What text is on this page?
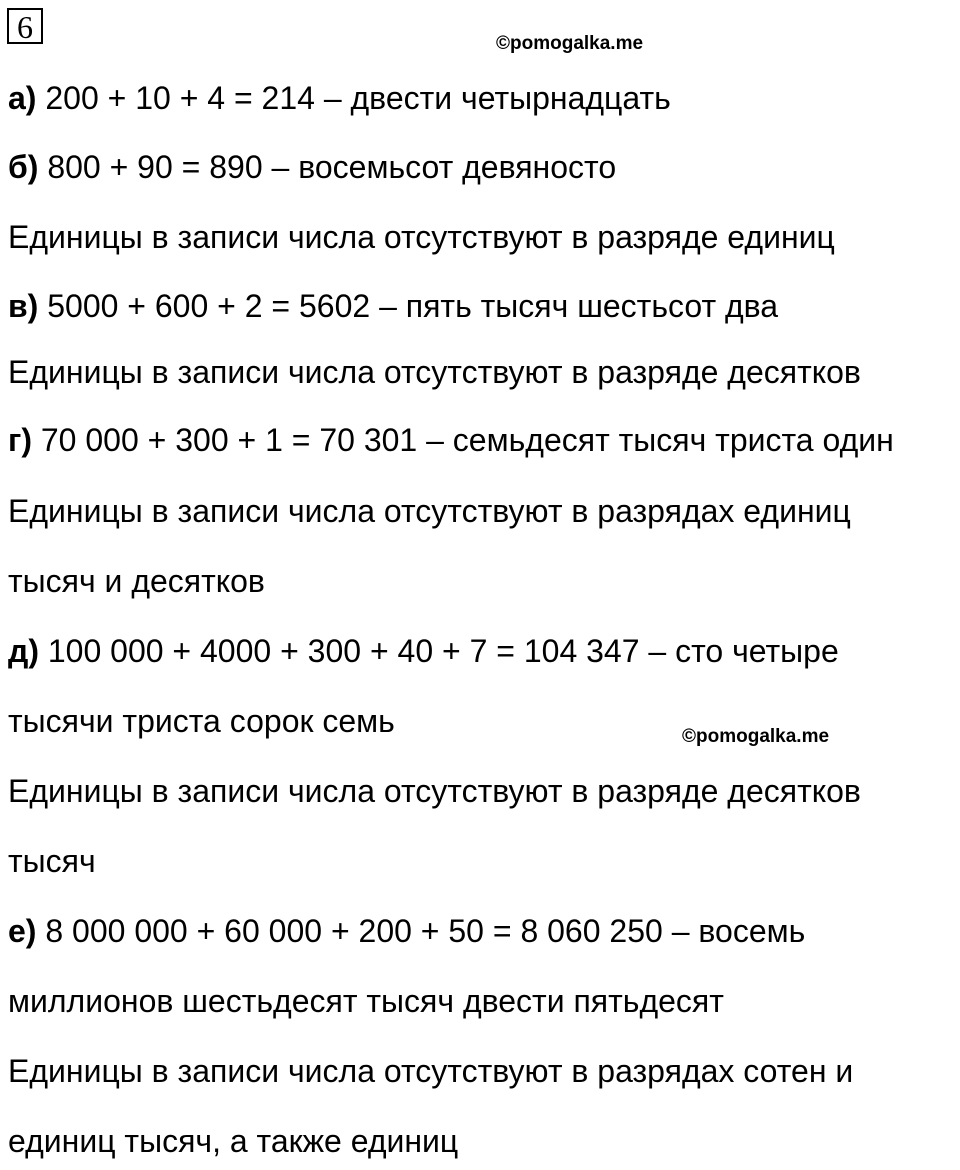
6	©pomogalka.me
©pomogalka.me
а) 200 + 10 + 4 = 214 – двести четырнадцать
б) 800 + 90 = 890 – восемьсот девяносто
Единицы в записи числа отсутствуют в разряде единиц
в) 5000 + 600 + 2 = 5602 – пять тысяч шестьсот два
Единицы в записи числа отсутствуют в разряде десятков
г) 70 000 + 300 + 1 = 70 301 – семьдесят тысяч триста один
Единицы в записи числа отсутствуют в разрядах единиц
тысяч и десятков
д) 100 000 + 4000 + 300 + 40 + 7 = 104 347 – сто четыре
тысячи триста сорок семь
Единицы в записи числа отсутствуют в разряде десятков
тысяч
е) 8 000 000 + 60 000 + 200 + 50 = 8 060 250 – восемь
миллионов шестьдесят тысяч двести пятьдесят
Единицы в записи числа отсутствуют в разрядах сотен и
единиц тысяч, а также единиц
